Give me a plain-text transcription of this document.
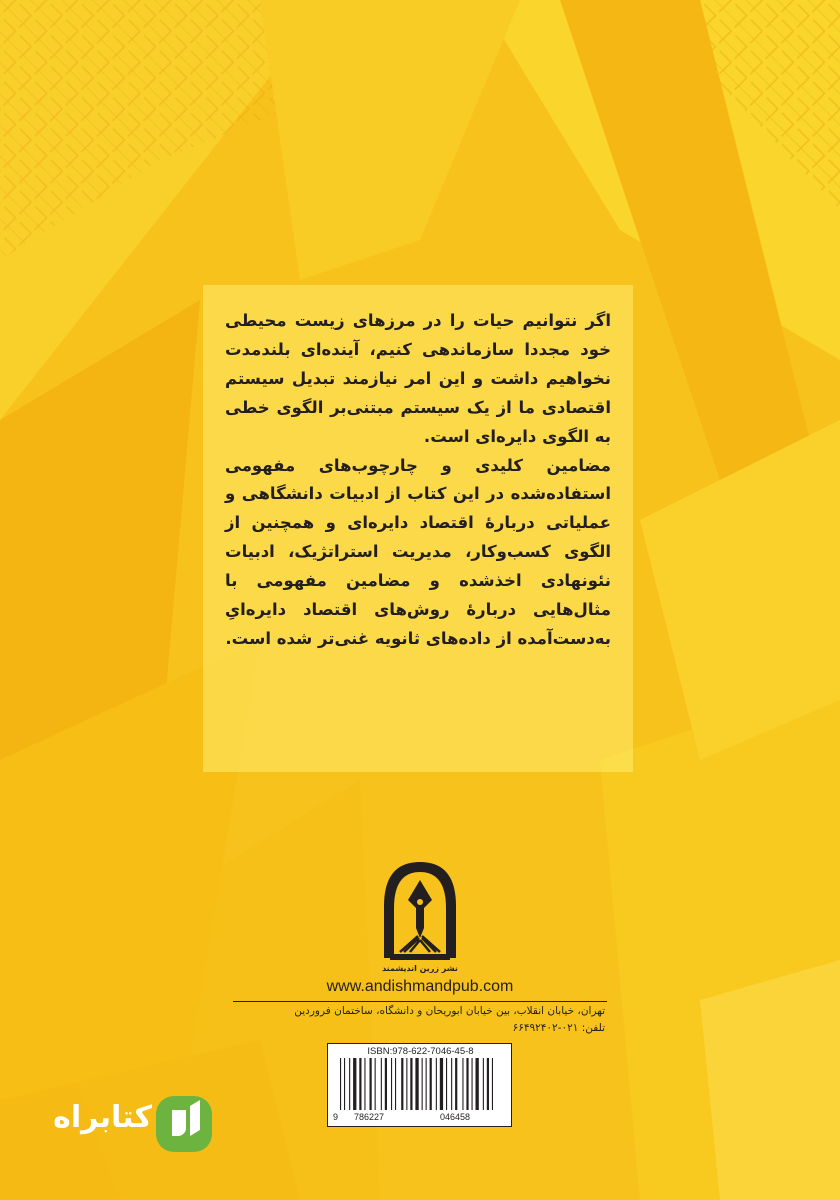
اگر نتوانیم حیات را در مرزهای زیست محیطی خود مجددا سازماندهی کنیم، آینده‌ای بلندمدت نخواهیم داشت و این امر نیازمند تبدیل سیستم اقتصادی ما از یک سیستم مبتنی‌بر الگوی خطی به الگوی دایره‌ای است.

مضامین کلیدی و چارچوب‌های مفهومی استفاده‌شده در این کتاب از ادبیات دانشگاهی و عملیاتی دربارهٔ اقتصاد دایره‌ای و همچنین از الگوی کسب‌وکار، مدیریت استراتژیک، ادبیات نئونهادی اخذشده و مضامین مفهومی با مثال‌هایی دربارهٔ روش‌های اقتصاد دایره‌ایِ به‌دست‌آمده از داده‌های ثانویه غنی‌تر شده است.

نشر زرین اندیشمند
www.andishmandpub.com
تهران، خیابان انقلاب، بین خیابان ابوریحان و دانشگاه، ساختمان فروردین
تلفن: ۰۲۱-۶۶۴۹۲۴۰۲
ISBN:978-622-7046-45-8
9 786227	046458
کتابراه
